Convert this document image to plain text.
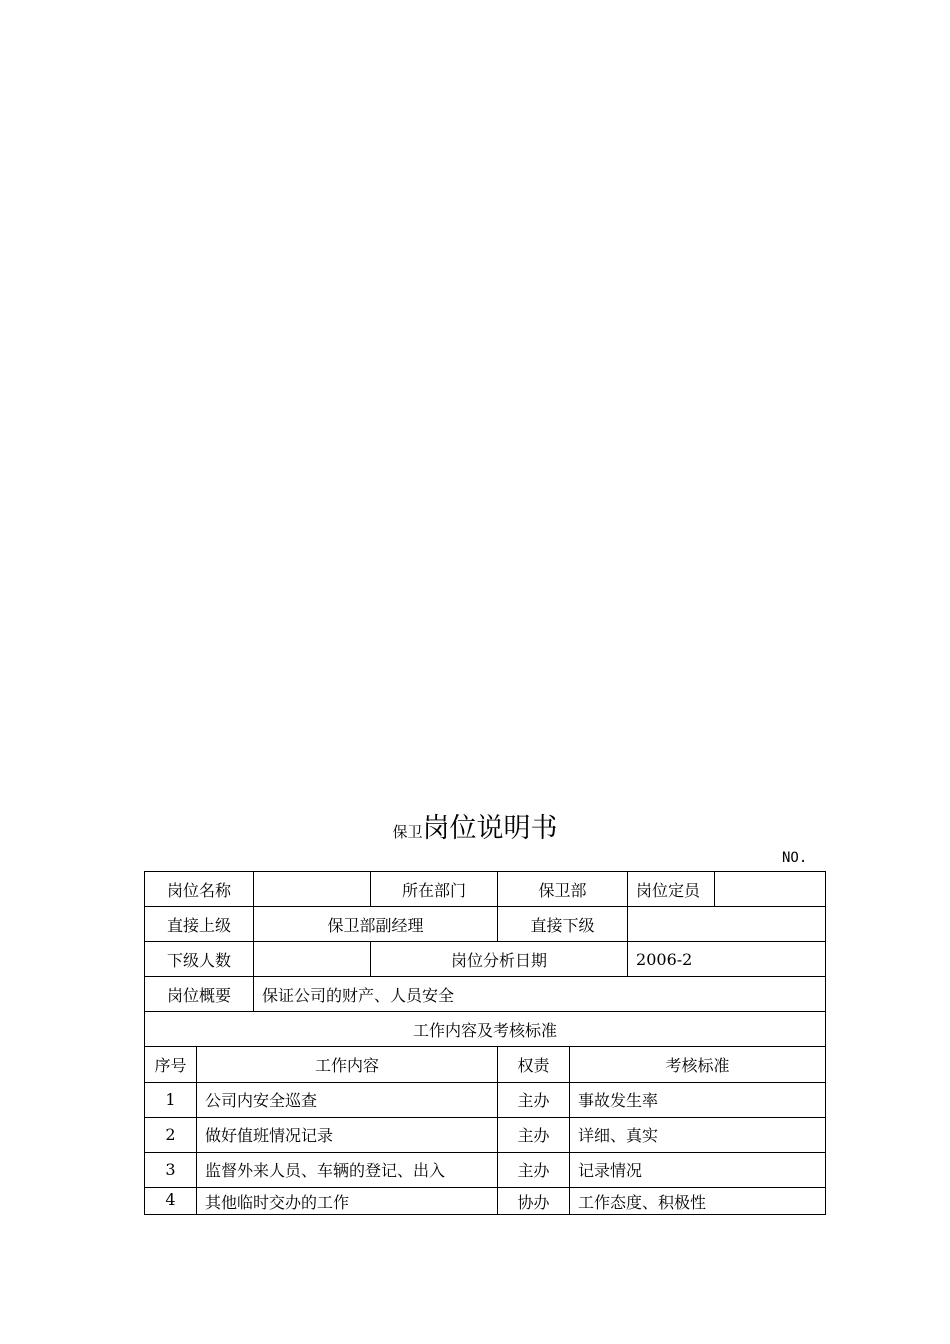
保卫岗位说明书
NO.
岗位名称			所在部门	保卫部		岗位定员	
直接上级		保卫部副经理		直接下级			
下级人数			岗位分析日期			2006-2	
岗位概要		保证公司的财产、人员安全					
工作内容及考核标准							
序号	工作内容			权责	考核标准		
1	公司内安全巡查			主办	事故发生率		
2	做好值班情况记录			主办	详细、真实		
3	监督外来人员、车辆的登记、出入			主办	记录情况		
4	其他临时交办的工作			协办	工作态度、积极性		
